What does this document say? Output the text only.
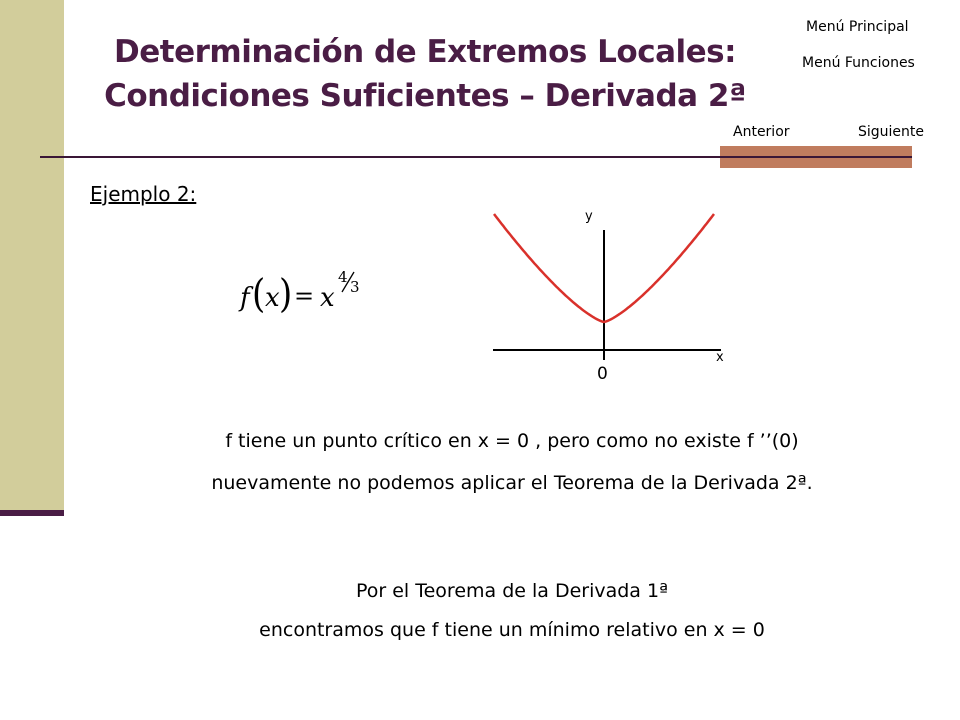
Determinación de Extremos Locales:
Condiciones Suficientes – Derivada 2ª
Menú Principal
Menú Funciones
Anterior	Siguiente
Ejemplo 2:
f ( x ) = x
4
3
y
x
0
f tiene un punto crítico en x = 0 , pero como no existe f ’’(0)
nuevamente no podemos aplicar el Teorema de la Derivada 2ª.
Por el Teorema de la Derivada 1ª
encontramos que f tiene un mínimo relativo en x = 0
